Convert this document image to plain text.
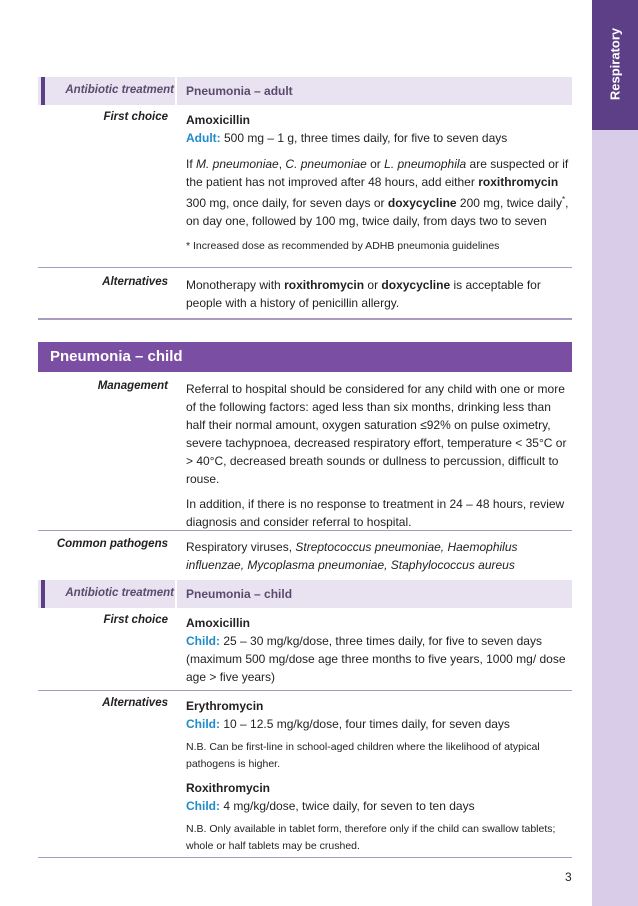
Respiratory
Antibiotic treatment Pneumonia – adult
First choice Amoxicillin
Adult: 500 mg – 1 g, three times daily, for five to seven days

If M. pneumoniae, C. pneumoniae or L. pneumophila are suspected or if the patient has not improved after 48 hours, add either roxithromycin 300 mg, once daily, for seven days or doxycycline 200 mg, twice daily*, on day one, followed by 100 mg, twice daily, from days two to seven

* Increased dose as recommended by ADHB pneumonia guidelines

Alternatives Monotherapy with roxithromycin or doxycycline is acceptable for people with a history of penicillin allergy.

Pneumonia – child
Management Referral to hospital should be considered for any child with one or more of the following factors: aged less than six months, drinking less than half their normal amount, oxygen saturation ≤92% on pulse oximetry, severe tachypnoea, decreased respiratory effort, temperature < 35°C or > 40°C, decreased breath sounds or dullness to percussion, difficult to rouse.

In addition, if there is no response to treatment in 24 – 48 hours, review diagnosis and consider referral to hospital.

Common pathogens Respiratory viruses, Streptococcus pneumoniae, Haemophilus influenzae, Mycoplasma pneumoniae, Staphylococcus aureus

Antibiotic treatment Pneumonia – child
First choice Amoxicillin
Child: 25 – 30 mg/kg/dose, three times daily, for five to seven days
(maximum 500 mg/dose age three months to five years, 1000 mg/ dose age > five years)

Alternatives Erythromycin
Child: 10 – 12.5 mg/kg/dose, four times daily, for seven days

N.B. Can be first-line in school-aged children where the likelihood of atypical pathogens is higher.

Roxithromycin
Child: 4 mg/kg/dose, twice daily, for seven to ten days

N.B. Only available in tablet form, therefore only if the child can swallow tablets; whole or half tablets may be crushed.

3
